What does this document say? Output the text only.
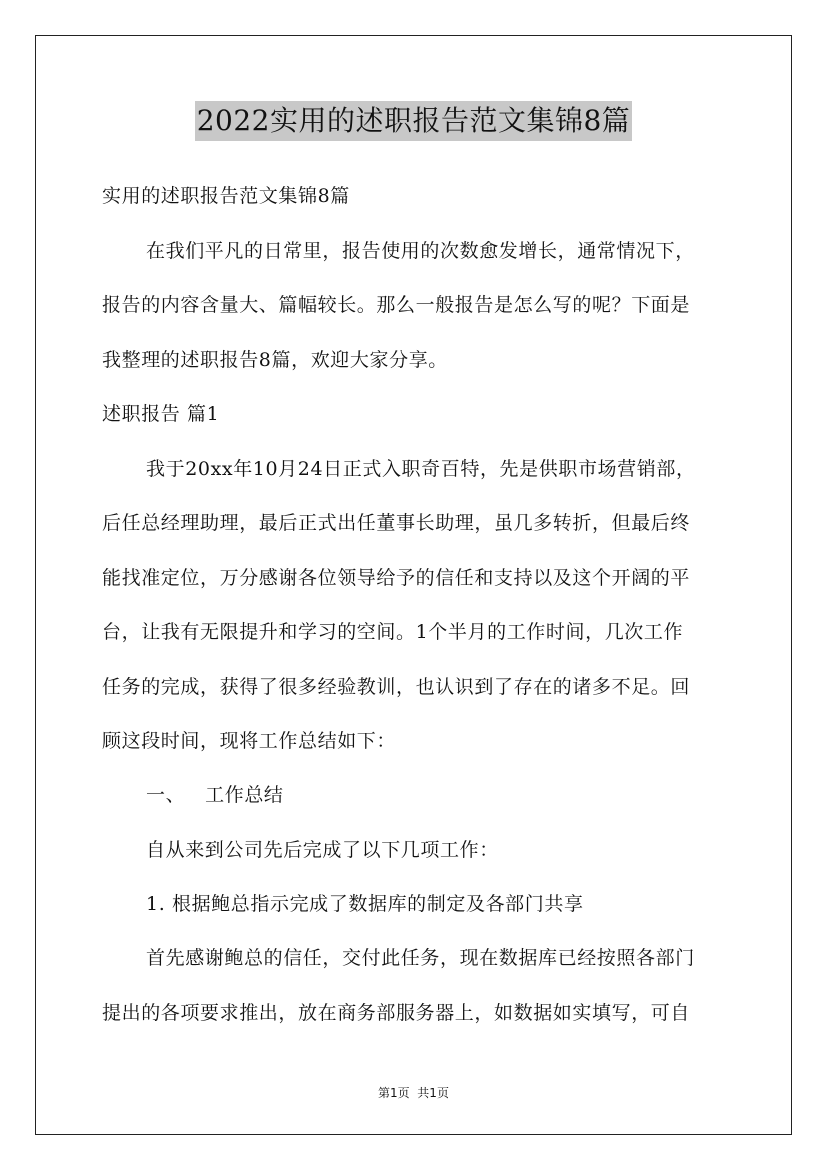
2022实用的述职报告范文集锦8篇
实用的述职报告范文集锦8篇
在我们平凡的日常里，报告使用的次数愈发增长，通常情况下，
报告的内容含量大、篇幅较长。那么一般报告是怎么写的呢？下面是
我整理的述职报告8篇，欢迎大家分享。
述职报告 篇1
我于20xx年10月24日正式入职奇百特，先是供职市场营销部，
后任总经理助理，最后正式出任董事长助理，虽几多转折，但最后终
能找准定位，万分感谢各位领导给予的信任和支持以及这个开阔的平
台，让我有无限提升和学习的空间。1个半月的工作时间，几次工作
任务的完成，获得了很多经验教训，也认识到了存在的诸多不足。回
顾这段时间，现将工作总结如下：
一、   工作总结
自从来到公司先后完成了以下几项工作：
1. 根据鲍总指示完成了数据库的制定及各部门共享
首先感谢鲍总的信任，交付此任务，现在数据库已经按照各部门
提出的各项要求推出，放在商务部服务器上，如数据如实填写，可自
第1页  共1页
